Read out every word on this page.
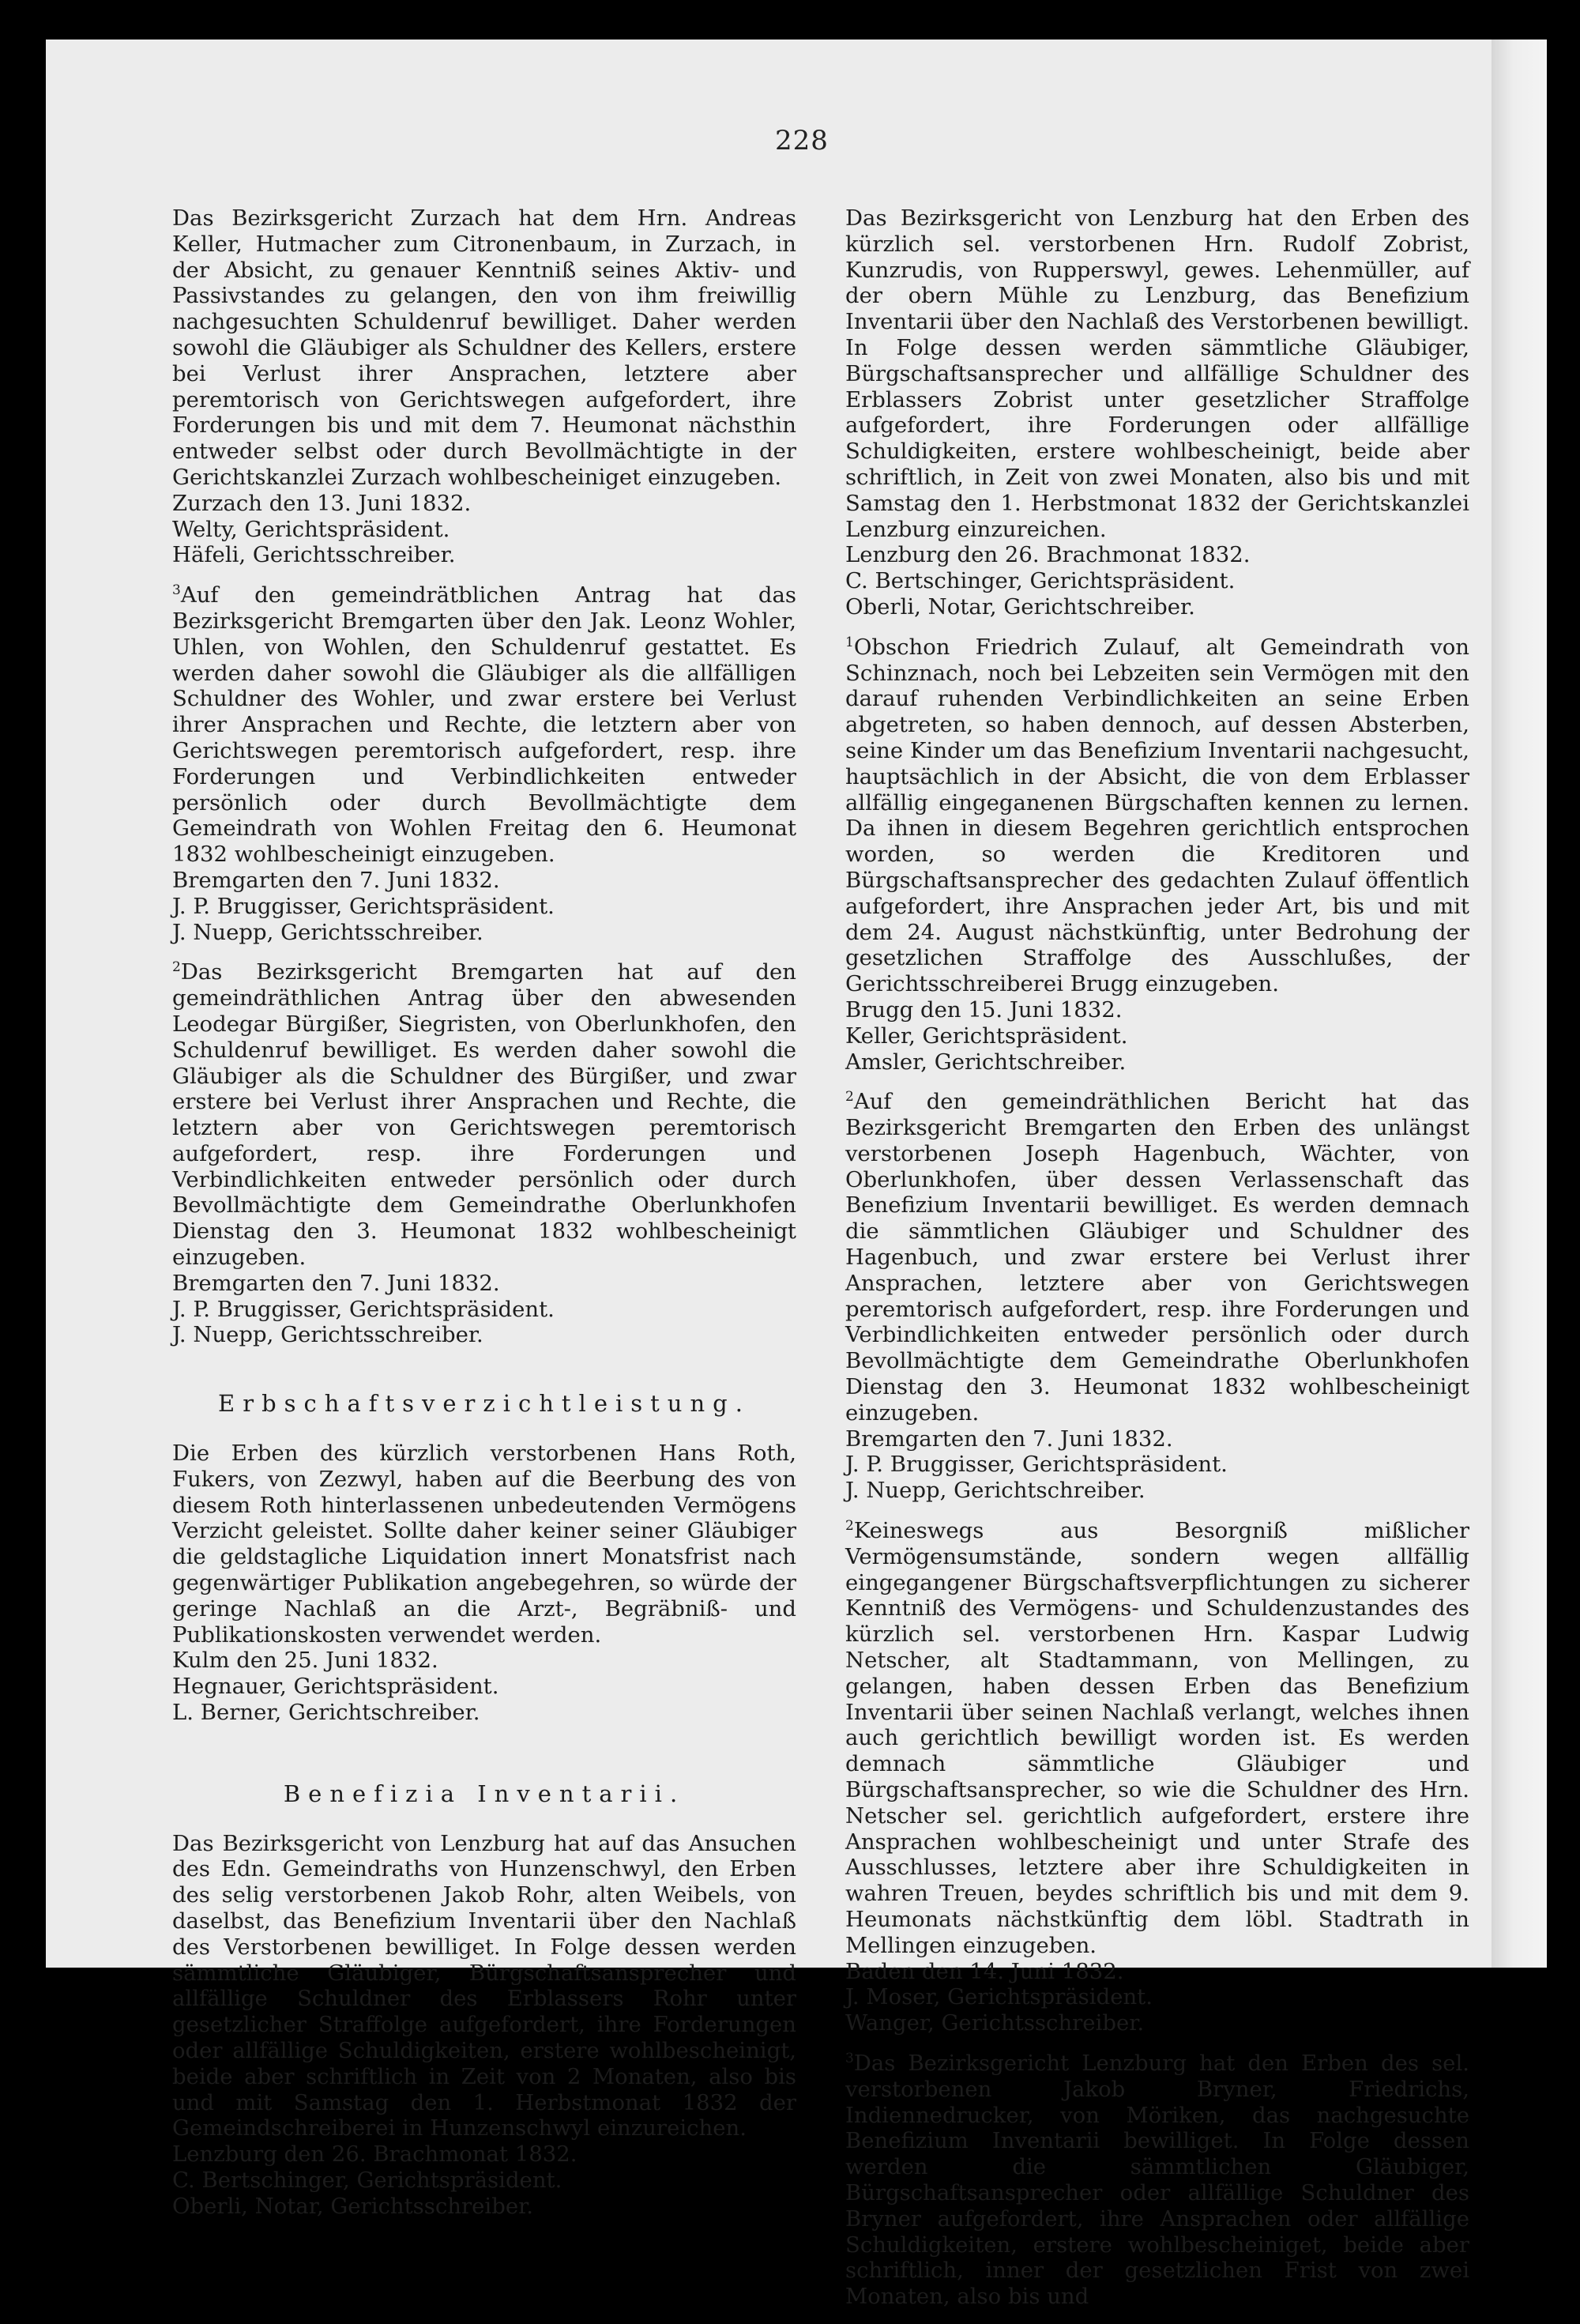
228

Das Bezirksgericht Zurzach hat dem Hrn. Andreas Keller, Hutmacher zum Citronenbaum, in Zurzach, in der Absicht, zu genauer Kenntniß seines Aktiv- und Passivstandes zu gelangen, den von ihm freiwillig nachgesuchten Schuldenruf bewilliget. Daher werden sowohl die Gläubiger als Schuldner des Kellers, erstere bei Verlust ihrer Ansprachen, letztere aber peremtorisch von Gerichtswegen aufgefordert, ihre Forderungen bis und mit dem 7. Heumonat nächsthin entweder selbst oder durch Bevollmächtigte in der Gerichtskanzlei Zurzach wohlbescheiniget einzugeben.

Zurzach den 13. Juni 1832.

Welty, Gerichtspräsident.

Häfeli, Gerichtsschreiber.

$^3$Auf den gemeindrätblichen Antrag hat das Bezirksgericht Bremgarten über den Jak. Leonz Wohler, Uhlen, von Wohlen, den Schuldenruf gestattet. Es werden daher sowohl die Gläubiger als die allfälligen Schuldner des Wohler, und zwar erstere bei Verlust ihrer Ansprachen und Rechte, die letztern aber von Gerichtswegen peremtorisch aufgefordert, resp. ihre Forderungen und Verbindlichkeiten entweder persönlich oder durch Bevollmächtigte dem Gemeindrath von Wohlen Freitag den 6. Heumonat 1832 wohlbescheinigt einzugeben.

Bremgarten den 7. Juni 1832.

J. P. Bruggisser, Gerichtspräsident.

J. Nuepp, Gerichtsschreiber.

$^2$Das Bezirksgericht Bremgarten hat auf den gemeindräthlichen Antrag über den abwesenden Leodegar Bürgißer, Siegristen, von Oberlunkhofen, den Schuldenruf bewilliget. Es werden daher sowohl die Gläubiger als die Schuldner des Bürgißer, und zwar erstere bei Verlust ihrer Ansprachen und Rechte, die letztern aber von Gerichtswegen peremtorisch aufgefordert, resp. ihre Forderungen und Verbindlichkeiten entweder persönlich oder durch Bevollmächtigte dem Gemeindrathe Oberlunkhofen Dienstag den 3. Heumonat 1832 wohlbescheinigt einzugeben.

Bremgarten den 7. Juni 1832.

J. P. Bruggisser, Gerichtspräsident.

J. Nuepp, Gerichtsschreiber.

Erbschaftsverzichtleistung.

Die Erben des kürzlich verstorbenen Hans Roth, Fukers, von Zezwyl, haben auf die Beerbung des von diesem Roth hinterlassenen unbedeutenden Vermögens Verzicht geleistet. Sollte daher keiner seiner Gläubiger die geldstagliche Liquidation innert Monatsfrist nach gegenwärtiger Publikation angebegehren, so würde der geringe Nachlaß an die Arzt-, Begräbniß- und Publikationskosten verwendet werden.

Kulm den 25. Juni 1832.

Hegnauer, Gerichtspräsident.

L. Berner, Gerichtschreiber.

Benefizia Inventarii.

Das Bezirksgericht von Lenzburg hat auf das Ansuchen des Edn. Gemeindraths von Hunzenschwyl, den Erben des selig verstorbenen Jakob Rohr, alten Weibels, von daselbst, das Benefizium Inventarii über den Nachlaß des Verstorbenen bewilliget. In Folge dessen werden sämmtliche Gläubiger, Bürgschaftsansprecher und allfällige Schuldner des Erblassers Rohr unter gesetzlicher Straffolge aufgefordert, ihre Forderungen oder allfällige Schuldigkeiten, erstere wohlbescheinigt, beide aber schriftlich in Zeit von 2 Monaten, also bis und mit Samstag den 1. Herbstmonat 1832 der Gemeindschreiberei in Hunzenschwyl einzureichen.

Lenzburg den 26. Brachmonat 1832.

C. Bertschinger, Gerichtspräsident.

Oberli, Notar, Gerichtsschreiber.

Das Bezirksgericht von Lenzburg hat den Erben des kürzlich sel. verstorbenen Hrn. Rudolf Zobrist, Kunzrudis, von Rupperswyl, gewes. Lehenmüller, auf der obern Mühle zu Lenzburg, das Benefizium Inventarii über den Nachlaß des Verstorbenen bewilligt. In Folge dessen werden sämmtliche Gläubiger, Bürgschaftsansprecher und allfällige Schuldner des Erblassers Zobrist unter gesetzlicher Straffolge aufgefordert, ihre Forderungen oder allfällige Schuldigkeiten, erstere wohlbescheinigt, beide aber schriftlich, in Zeit von zwei Monaten, also bis und mit Samstag den 1. Herbstmonat 1832 der Gerichtskanzlei Lenzburg einzureichen.

Lenzburg den 26. Brachmonat 1832.

C. Bertschinger, Gerichtspräsident.

Oberli, Notar, Gerichtschreiber.

$^1$Obschon Friedrich Zulauf, alt Gemeindrath von Schinznach, noch bei Lebzeiten sein Vermögen mit den darauf ruhenden Verbindlichkeiten an seine Erben abgetreten, so haben dennoch, auf dessen Absterben, seine Kinder um das Benefizium Inventarii nachgesucht, hauptsächlich in der Absicht, die von dem Erblasser allfällig eingeganenen Bürgschaften kennen zu lernen. Da ihnen in diesem Begehren gerichtlich entsprochen worden, so werden die Kreditoren und Bürgschaftsansprecher des gedachten Zulauf öffentlich aufgefordert, ihre Ansprachen jeder Art, bis und mit dem 24. August nächstkünftig, unter Bedrohung der gesetzlichen Straffolge des Ausschlußes, der Gerichtsschreiberei Brugg einzugeben.

Brugg den 15. Juni 1832.

Keller, Gerichtspräsident.

Amsler, Gerichtschreiber.

$^2$Auf den gemeindräthlichen Bericht hat das Bezirksgericht Bremgarten den Erben des unlängst verstorbenen Joseph Hagenbuch, Wächter, von Oberlunkhofen, über dessen Verlassenschaft das Benefizium Inventarii bewilliget. Es werden demnach die sämmtlichen Gläubiger und Schuldner des Hagenbuch, und zwar erstere bei Verlust ihrer Ansprachen, letztere aber von Gerichtswegen peremtorisch aufgefordert, resp. ihre Forderungen und Verbindlichkeiten entweder persönlich oder durch Bevollmächtigte dem Gemeindrathe Oberlunkhofen Dienstag den 3. Heumonat 1832 wohlbescheinigt einzugeben.

Bremgarten den 7. Juni 1832.

J. P. Bruggisser, Gerichtspräsident.

J. Nuepp, Gerichtschreiber.

$^2$Keineswegs aus Besorgniß mißlicher Vermögensumstände, sondern wegen allfällig eingegangener Bürgschaftsverpflichtungen zu sicherer Kenntniß des Vermögens- und Schuldenzustandes des kürzlich sel. verstorbenen Hrn. Kaspar Ludwig Netscher, alt Stadtammann, von Mellingen, zu gelangen, haben dessen Erben das Benefizium Inventarii über seinen Nachlaß verlangt, welches ihnen auch gerichtlich bewilligt worden ist. Es werden demnach sämmtliche Gläubiger und Bürgschaftsansprecher, so wie die Schuldner des Hrn. Netscher sel. gerichtlich aufgefordert, erstere ihre Ansprachen wohlbescheinigt und unter Strafe des Ausschlusses, letztere aber ihre Schuldigkeiten in wahren Treuen, beydes schriftlich bis und mit dem 9. Heumonats nächstkünftig dem löbl. Stadtrath in Mellingen einzugeben.

Baden den 14. Juni 1832.

J. Moser, Gerichtspräsident.

Wanger, Gerichtsschreiber.

$^3$Das Bezirksgericht Lenzburg hat den Erben des sel. verstorbenen Jakob Bryner, Friedrichs, Indiennedrucker, von Möriken, das nachgesuchte Benefizium Inventarii bewilliget. In Folge dessen werden die sämmtlichen Gläubiger, Bürgschaftsansprecher oder allfällige Schuldner des Bryner aufgefordert, ihre Ansprachen oder allfällige Schuldigkeiten, erstere wohlbescheiniget, beide aber schriftlich, inner der gesetzlichen Frist von zwei Monaten, also bis und
